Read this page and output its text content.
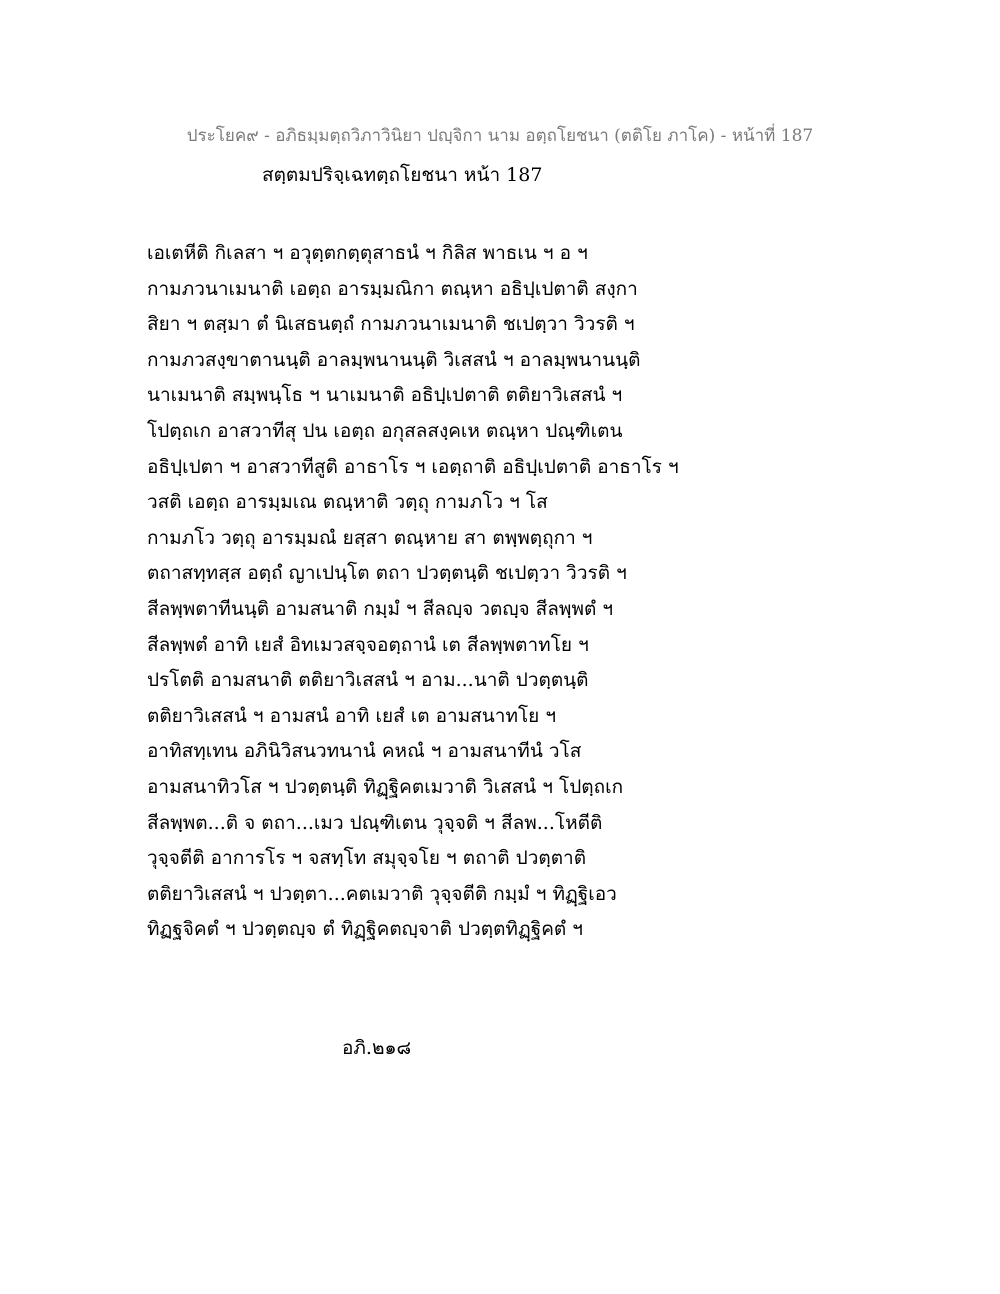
ประโยค๙ - อภิธมฺมตฺถวิภาวินิยา ปญฺจิกา นาม อตฺถโยชนา (ตติโย ภาโค) - หน้าที่ 187
สตฺตมปริจฺเฉทตฺถโยชนา หน้า 187
เอเตหีติ กิเลสา ฯ อวุตฺตกตฺตุสาธนํ ฯ กิลิส พาธเน ฯ อ ฯ
กามภวนาเมนาติ เอตฺถ อารมฺมณิกา ตณฺหา อธิปฺเปตาติ สงฺกา
สิยา ฯ ตสฺมา ตํ นิเสธนตฺถํ กามภวนาเมนาติ ชเปตฺวา วิวรติ ฯ
กามภวสงฺขาตานนฺติ อาลมฺพนานนฺติ วิเสสนํ ฯ อาลมฺพนานนฺติ
นาเมนาติ สมฺพนฺโธ ฯ นาเมนาติ อธิปฺเปตาติ ตติยาวิเสสนํ ฯ
โปตฺถเก อาสวาทีสุ ปน เอตฺถ อกุสลสงฺคเห ตณฺหา ปณฺฑิเตน
อธิปฺเปตา ฯ อาสวาทีสูติ อาธาโร ฯ เอตฺถาติ อธิปฺเปตาติ อาธาโร ฯ
วสติ เอตฺถ อารมฺมเณ ตณฺหาติ วตฺถุ กามภโว ฯ โส
กามภโว วตฺถุ อารมฺมณํ ยสฺสา ตณฺหาย สา ตพฺพตฺถุกา ฯ
ตถาสทฺทสฺส อตฺถํ ญาเปนฺโต ตถา ปวตฺตนฺติ ชเปตฺวา วิวรติ ฯ
สีลพฺพตาทีนนฺติ อามสนาติ กมฺมํ ฯ สีลญฺจ วตญฺจ สีลพฺพตํ ฯ
สีลพฺพตํ อาทิ เยสํ อิทเมวสจฺจอตฺถานํ เต สีลพฺพตาทโย ฯ
ปรโตติ อามสนาติ ตติยาวิเสสนํ ฯ อาม...นาติ ปวตฺตนฺติ
ตติยาวิเสสนํ ฯ อามสนํ อาทิ เยสํ เต อามสนาทโย ฯ
อาทิสทฺเทน อภินิวิสนวทนานํ คหณํ ฯ อามสนาทีนํ วโส
อามสนาทิวโส ฯ ปวตฺตนฺติ ทิฏฺฐิคตเมวาติ วิเสสนํ ฯ โปตฺถเก
สีลพฺพต...ติ จ ตถา...เมว ปณฺฑิเตน วุจฺจติ ฯ สีลพ...โหตีติ
วุจฺจตีติ อาการโร ฯ จสทฺโท สมุจฺจโย ฯ ตถาติ ปวตฺตาติ
ตติยาวิเสสนํ ฯ ปวตฺตา...คตเมวาติ วุจฺจตีติ กมฺมํ ฯ ทิฏฺฐิเอว
ทิฏฐจิคตํ ฯ ปวตฺตญฺจ ตํ ทิฏฺฐิคตญฺจาติ ปวตฺตทิฏฺฐิคตํ ฯ
อภิ.๒๑๘
